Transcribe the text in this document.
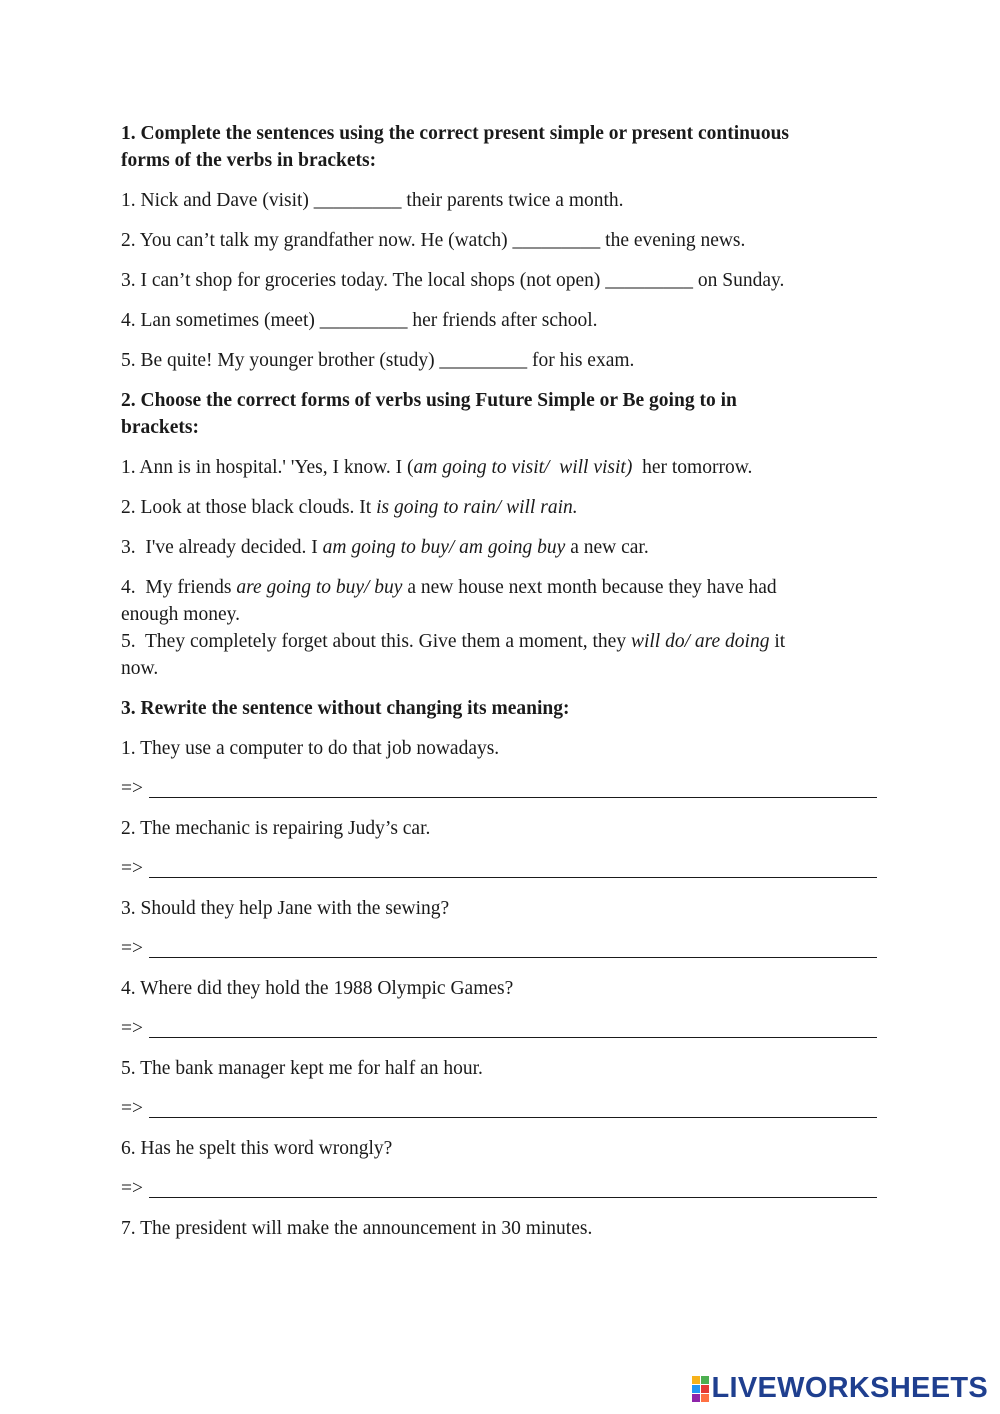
1. Complete the sentences using the correct present simple or present continuous
forms of the verbs in brackets:

1. Nick and Dave (visit) _________ their parents twice a month.

2. You can’t talk my grandfather now. He (watch) _________ the evening news.

3. I can’t shop for groceries today. The local shops (not open) _________ on Sunday.

4. Lan sometimes (meet) _________ her friends after school.

5. Be quite! My younger brother (study) _________ for his exam.

2. Choose the correct forms of verbs using Future Simple or Be going to in
brackets:

1. Ann is in hospital.' 'Yes, I know. I (am going to visit/  will visit)  her tomorrow.

2. Look at those black clouds. It is going to rain/ will rain.

3.  I've already decided. I am going to buy/ am going buy a new car.

4.  My friends are going to buy/ buy a new house next month because they have had
enough money.

5.  They completely forget about this. Give them a moment, they will do/ are doing it
now.

3. Rewrite the sentence without changing its meaning:

1. They use a computer to do that job nowadays.

=>

2. The mechanic is repairing Judy’s car.

=>

3. Should they help Jane with the sewing?

=>

4. Where did they hold the 1988 Olympic Games?

=>

5. The bank manager kept me for half an hour.

=>

6. Has he spelt this word wrongly?

=>

7. The president will make the announcement in 30 minutes.

LIVEWORKSHEETS
